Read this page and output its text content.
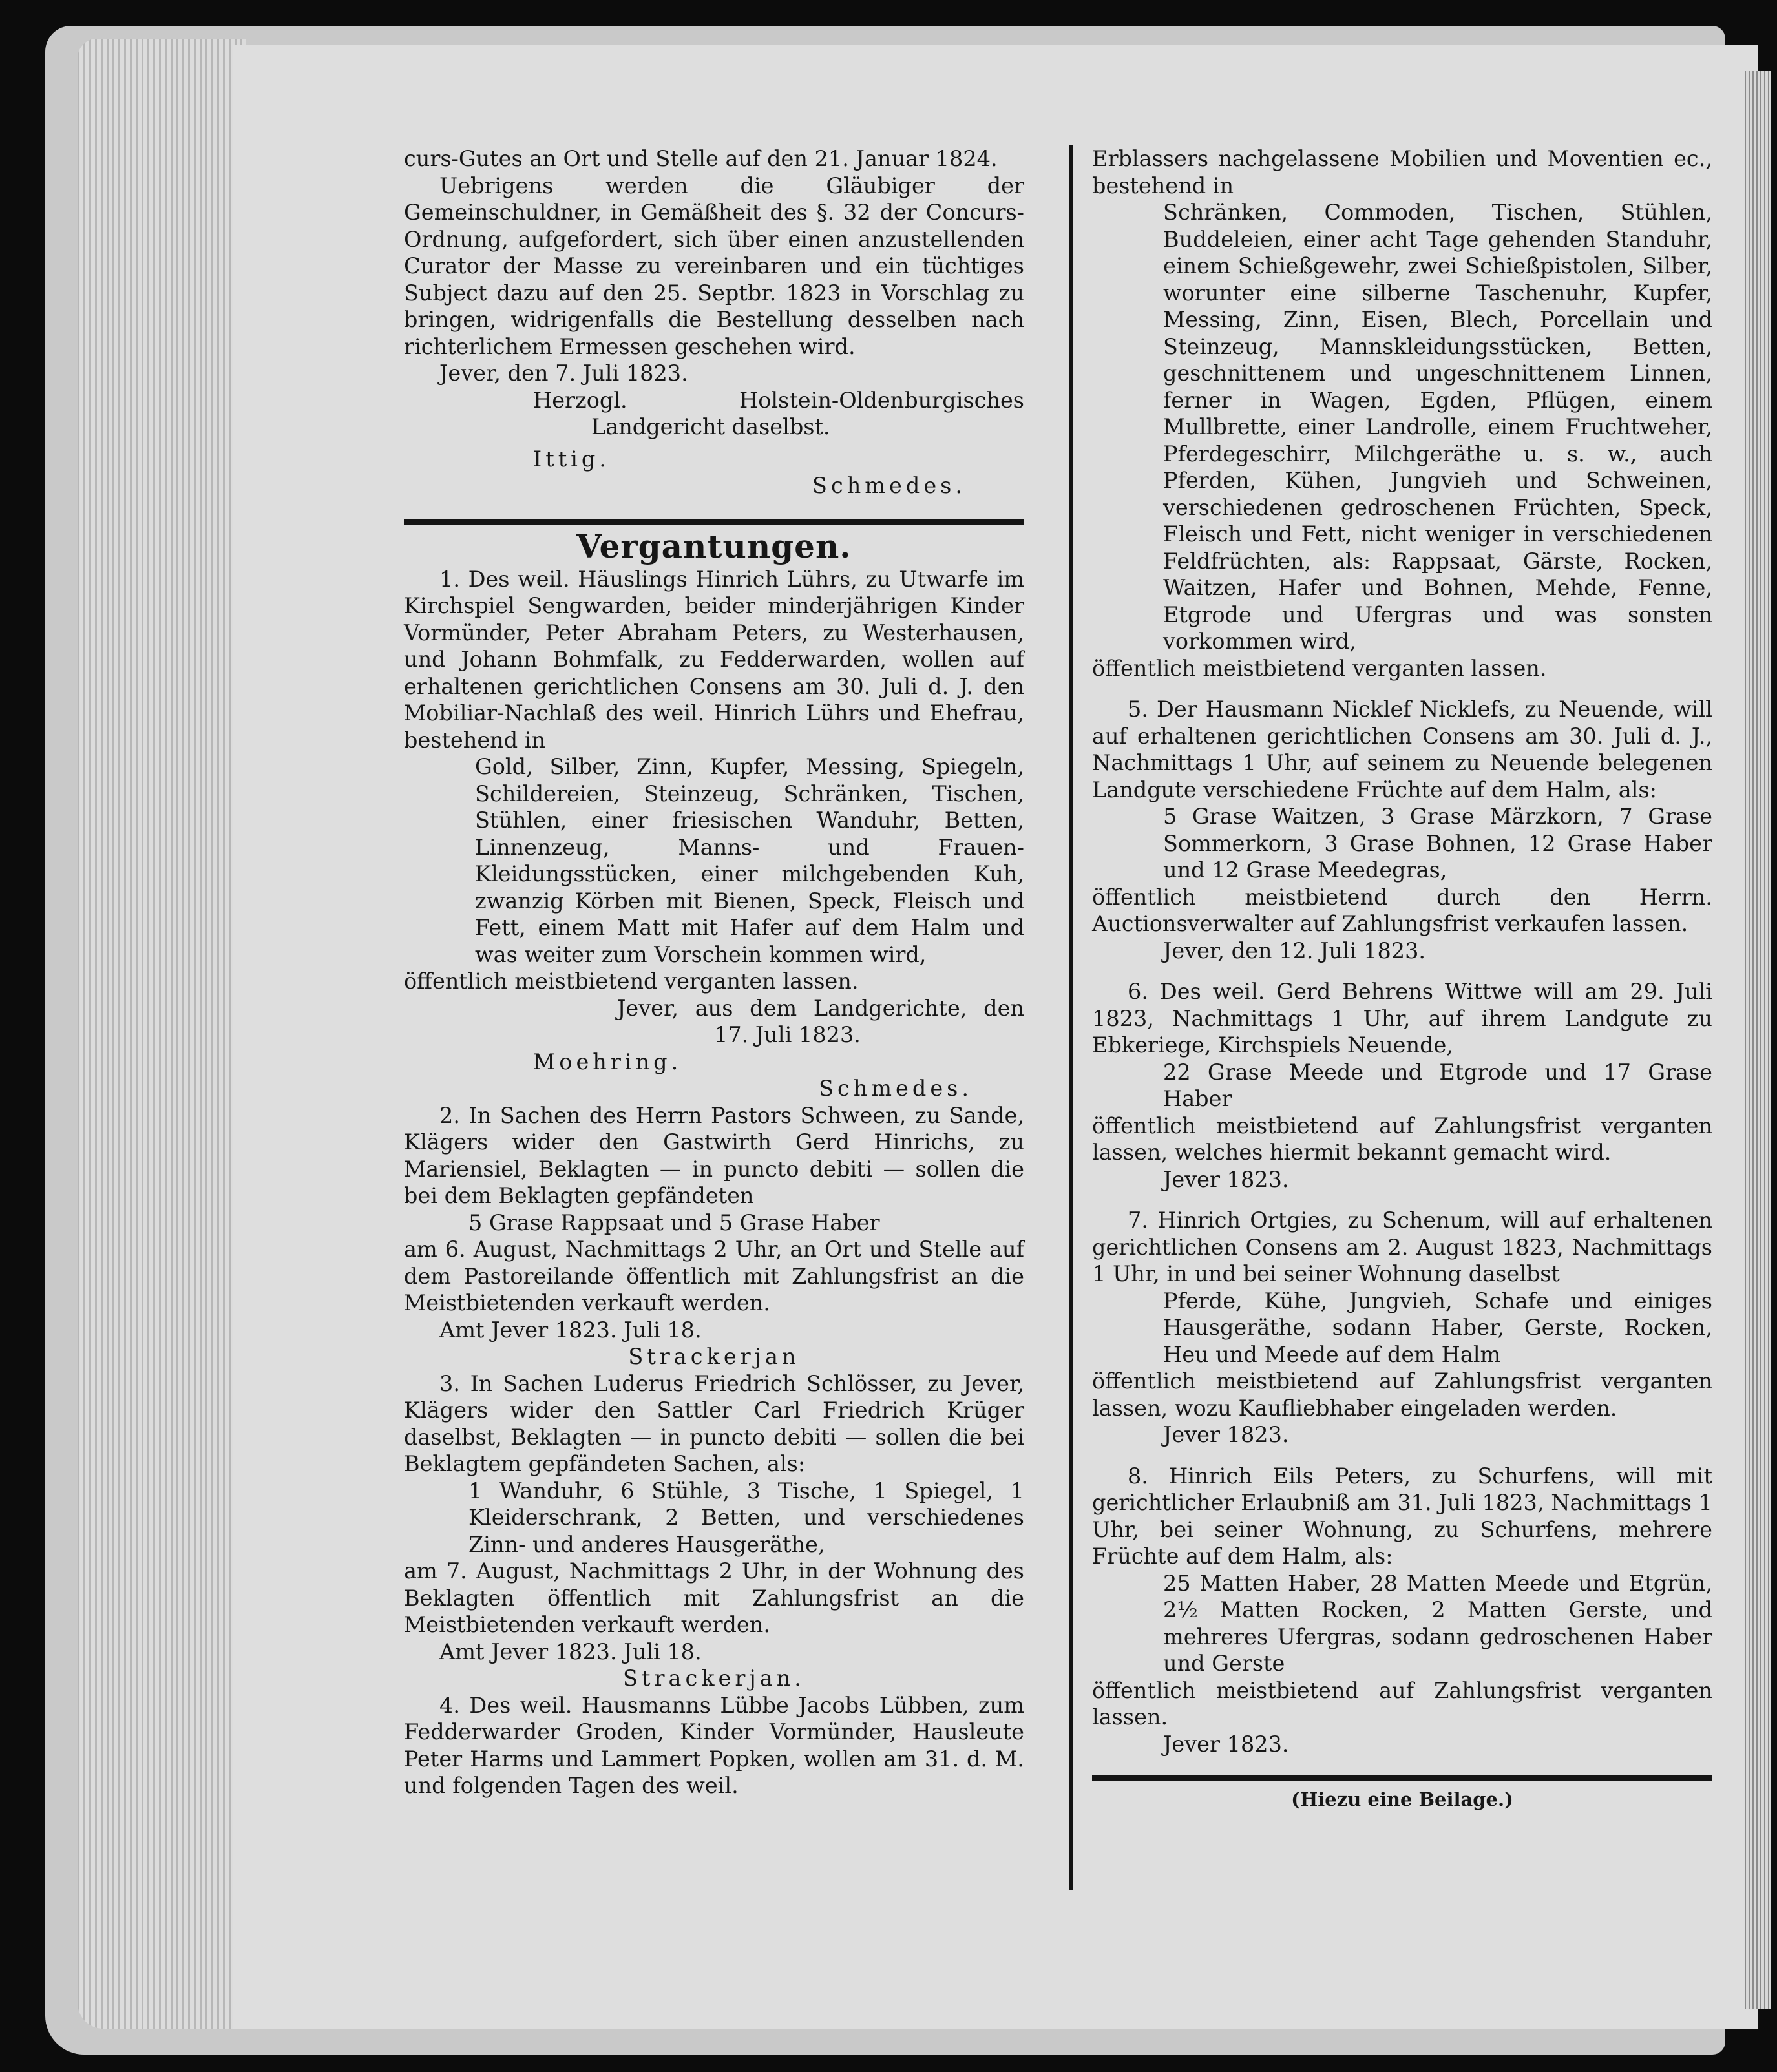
curs-Gutes an Ort und Stelle auf den 21. Januar 1824.

Uebrigens werden die Gläubiger der Gemeinschuldner, in Gemäßheit des §. 32 der Concurs-Ordnung, aufgefordert, sich über einen anzustellenden Curator der Masse zu vereinbaren und ein tüchtiges Subject dazu auf den 25. Septbr. 1823 in Vorschlag zu bringen, widrigenfalls die Bestellung desselben nach richterlichem Ermessen geschehen wird.

Jever, den 7. Juli 1823.

Herzogl. Holstein-Oldenburgisches Landgericht daselbst.

Ittig.

Schmedes.

Vergantungen.

1. Des weil. Häuslings Hinrich Lührs, zu Utwarfe im Kirchspiel Sengwarden, beider minderjährigen Kinder Vormünder, Peter Abraham Peters, zu Westerhausen, und Johann Bohmfalk, zu Fedderwarden, wollen auf erhaltenen gerichtlichen Consens am 30. Juli d. J. den Mobiliar-Nachlaß des weil. Hinrich Lührs und Ehefrau, bestehend in

Gold, Silber, Zinn, Kupfer, Messing, Spiegeln, Schildereien, Steinzeug, Schränken, Tischen, Stühlen, einer friesischen Wanduhr, Betten, Linnenzeug, Manns- und Frauen-Kleidungsstücken, einer milchgebenden Kuh, zwanzig Körben mit Bienen, Speck, Fleisch und Fett, einem Matt mit Hafer auf dem Halm und was weiter zum Vorschein kommen wird,

öffentlich meistbietend verganten lassen.

Jever, aus dem Landgerichte, den 17. Juli 1823.

Moehring.

Schmedes.

2. In Sachen des Herrn Pastors Schween, zu Sande, Klägers wider den Gastwirth Gerd Hinrichs, zu Mariensiel, Beklagten — in puncto debiti — sollen die bei dem Beklagten gepfändeten

5 Grase Rappsaat und 5 Grase Haber

am 6. August, Nachmittags 2 Uhr, an Ort und Stelle auf dem Pastoreilande öffentlich mit Zahlungsfrist an die Meistbietenden verkauft werden.

Amt Jever 1823. Juli 18.

Strackerjan

3. In Sachen Luderus Friedrich Schlösser, zu Jever, Klägers wider den Sattler Carl Friedrich Krüger daselbst, Beklagten — in puncto debiti — sollen die bei Beklagtem gepfändeten Sachen, als:

1 Wanduhr, 6 Stühle, 3 Tische, 1 Spiegel, 1 Kleiderschrank, 2 Betten, und verschiedenes Zinn- und anderes Hausgeräthe,

am 7. August, Nachmittags 2 Uhr, in der Wohnung des Beklagten öffentlich mit Zahlungsfrist an die Meistbietenden verkauft werden.

Amt Jever 1823. Juli 18.

Strackerjan.

4. Des weil. Hausmanns Lübbe Jacobs Lübben, zum Fedderwarder Groden, Kinder Vormünder, Hausleute Peter Harms und Lammert Popken, wollen am 31. d. M. und folgenden Tagen des weil.

Erblassers nachgelassene Mobilien und Moventien ec., bestehend in

Schränken, Commoden, Tischen, Stühlen, Buddeleien, einer acht Tage gehenden Standuhr, einem Schießgewehr, zwei Schießpistolen, Silber, worunter eine silberne Taschenuhr, Kupfer, Messing, Zinn, Eisen, Blech, Porcellain und Steinzeug, Mannskleidungsstücken, Betten, geschnittenem und ungeschnittenem Linnen, ferner in Wagen, Egden, Pflügen, einem Mullbrette, einer Landrolle, einem Fruchtweher, Pferdegeschirr, Milchgeräthe u. s. w., auch Pferden, Kühen, Jungvieh und Schweinen, verschiedenen gedroschenen Früchten, Speck, Fleisch und Fett, nicht weniger in verschiedenen Feldfrüchten, als: Rappsaat, Gärste, Rocken, Waitzen, Hafer und Bohnen, Mehde, Fenne, Etgrode und Ufergras und was sonsten vorkommen wird,

öffentlich meistbietend verganten lassen.

5. Der Hausmann Nicklef Nicklefs, zu Neuende, will auf erhaltenen gerichtlichen Consens am 30. Juli d. J., Nachmittags 1 Uhr, auf seinem zu Neuende belegenen Landgute verschiedene Früchte auf dem Halm, als:

5 Grase Waitzen, 3 Grase Märzkorn, 7 Grase Sommerkorn, 3 Grase Bohnen, 12 Grase Haber und 12 Grase Meedegras,

öffentlich meistbietend durch den Herrn. Auctionsverwalter auf Zahlungsfrist verkaufen lassen.

Jever, den 12. Juli 1823.

6. Des weil. Gerd Behrens Wittwe will am 29. Juli 1823, Nachmittags 1 Uhr, auf ihrem Landgute zu Ebkeriege, Kirchspiels Neuende,

22 Grase Meede und Etgrode und 17 Grase Haber

öffentlich meistbietend auf Zahlungsfrist verganten lassen, welches hiermit bekannt gemacht wird.

Jever 1823.

7. Hinrich Ortgies, zu Schenum, will auf erhaltenen gerichtlichen Consens am 2. August 1823, Nachmittags 1 Uhr, in und bei seiner Wohnung daselbst

Pferde, Kühe, Jungvieh, Schafe und einiges Hausgeräthe, sodann Haber, Gerste, Rocken, Heu und Meede auf dem Halm

öffentlich meistbietend auf Zahlungsfrist verganten lassen, wozu Kaufliebhaber eingeladen werden.

Jever 1823.

8. Hinrich Eils Peters, zu Schurfens, will mit gerichtlicher Erlaubniß am 31. Juli 1823, Nachmittags 1 Uhr, bei seiner Wohnung, zu Schurfens, mehrere Früchte auf dem Halm, als:

25 Matten Haber, 28 Matten Meede und Etgrün, 2½ Matten Rocken, 2 Matten Gerste, und mehreres Ufergras, sodann gedroschenen Haber und Gerste

öffentlich meistbietend auf Zahlungsfrist verganten lassen.

Jever 1823.

(Hiezu eine Beilage.)
